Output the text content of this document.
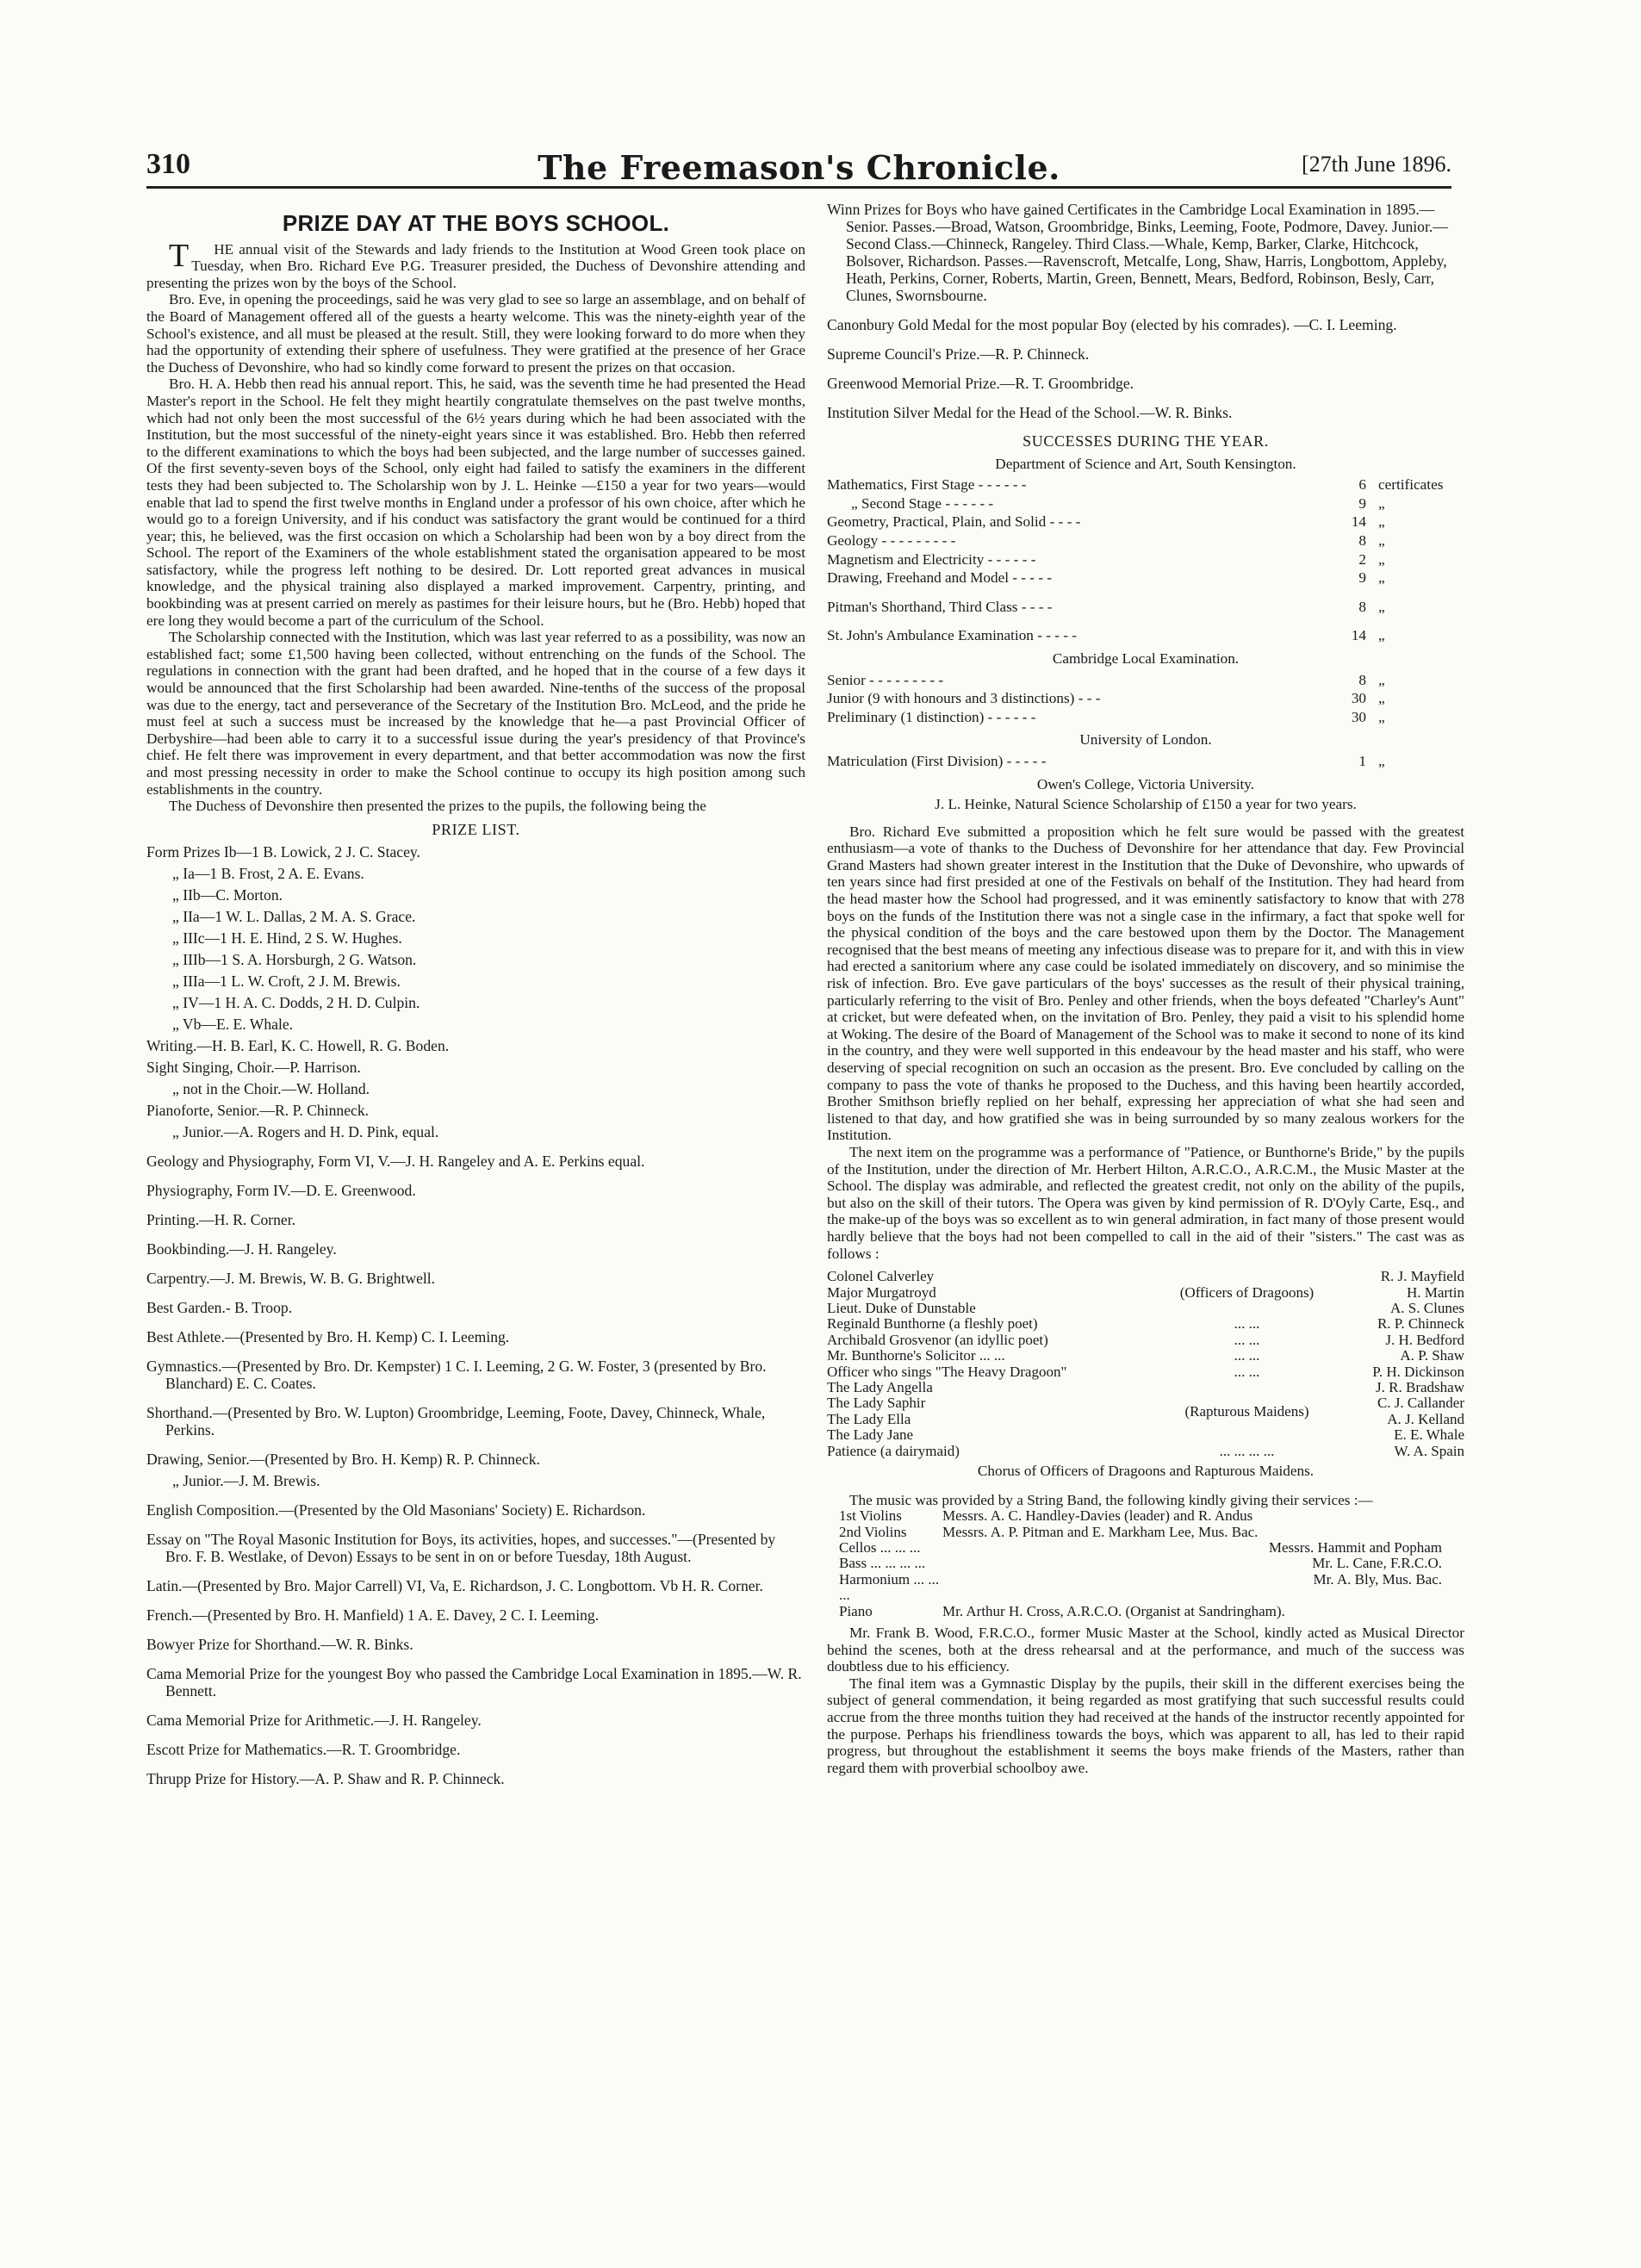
310	The Freemason's Chronicle.	[27th June 1896.
PRIZE DAY AT THE BOYS SCHOOL.

THE annual visit of the Stewards and lady friends to the Institution at Wood Green took place on Tuesday, when Bro. Richard Eve P.G. Treasurer presided, the Duchess of Devonshire attending and presenting the prizes won by the boys of the School.

Bro. Eve, in opening the proceedings, said he was very glad to see so large an assemblage, and on behalf of the Board of Management offered all of the guests a hearty welcome. This was the ninety-eighth year of the School's existence, and all must be pleased at the result. Still, they were looking forward to do more when they had the opportunity of extending their sphere of usefulness. They were gratified at the presence of her Grace the Duchess of Devonshire, who had so kindly come forward to present the prizes on that occasion.

Bro. H. A. Hebb then read his annual report. This, he said, was the seventh time he had presented the Head Master's report in the School. He felt they might heartily congratulate themselves on the past twelve months, which had not only been the most successful of the 6½ years during which he had been associated with the Institution, but the most successful of the ninety-eight years since it was established. Bro. Hebb then referred to the different examinations to which the boys had been subjected, and the large number of successes gained. Of the first seventy-seven boys of the School, only eight had failed to satisfy the examiners in the different tests they had been subjected to. The Scholarship won by J. L. Heinke —£150 a year for two years—would enable that lad to spend the first twelve months in England under a professor of his own choice, after which he would go to a foreign University, and if his conduct was satisfactory the grant would be continued for a third year; this, he believed, was the first occasion on which a Scholarship had been won by a boy direct from the School. The report of the Examiners of the whole establishment stated the organisation appeared to be most satisfactory, while the progress left nothing to be desired. Dr. Lott reported great advances in musical knowledge, and the physical training also displayed a marked improvement. Carpentry, printing, and bookbinding was at present carried on merely as pastimes for their leisure hours, but he (Bro. Hebb) hoped that ere long they would become a part of the curriculum of the School.

The Scholarship connected with the Institution, which was last year referred to as a possibility, was now an established fact; some £1,500 having been collected, without entrenching on the funds of the School. The regulations in connection with the grant had been drafted, and he hoped that in the course of a few days it would be announced that the first Scholarship had been awarded. Nine-tenths of the success of the proposal was due to the energy, tact and perseverance of the Secretary of the Institution Bro. McLeod, and the pride he must feel at such a success must be increased by the knowledge that he—a past Provincial Officer of Derbyshire—had been able to carry it to a successful issue during the year's presidency of that Province's chief. He felt there was improvement in every department, and that better accommodation was now the first and most pressing necessity in order to make the School continue to occupy its high position among such establishments in the country.

The Duchess of Devonshire then presented the prizes to the pupils, the following being the

PRIZE LIST.
Form Prizes Ib—1 B. Lowick, 2 J. C. Stacey.
„ Ia—1 B. Frost, 2 A. E. Evans.
„ IIb—C. Morton.
„ IIa—1 W. L. Dallas, 2 M. A. S. Grace.
„ IIIc—1 H. E. Hind, 2 S. W. Hughes.
„ IIIb—1 S. A. Horsburgh, 2 G. Watson.
„ IIIa—1 L. W. Croft, 2 J. M. Brewis.
„ IV—1 H. A. C. Dodds, 2 H. D. Culpin.
„ Vb—E. E. Whale.
Writing.—H. B. Earl, K. C. Howell, R. G. Boden.
Sight Singing, Choir.—P. Harrison.
„ not in the Choir.—W. Holland.
Pianoforte, Senior.—R. P. Chinneck.
„ Junior.—A. Rogers and H. D. Pink, equal.
Geology and Physiography, Form VI, V.—J. H. Rangeley and A. E. Perkins equal.
Physiography, Form IV.—D. E. Greenwood.
Printing.—H. R. Corner.
Bookbinding.—J. H. Rangeley.
Carpentry.—J. M. Brewis, W. B. G. Brightwell.
Best Garden.- B. Troop.
Best Athlete.—(Presented by Bro. H. Kemp) C. I. Leeming.
Gymnastics.—(Presented by Bro. Dr. Kempster) 1 C. I. Leeming, 2 G. W. Foster, 3 (presented by Bro. Blanchard) E. C. Coates.
Shorthand.—(Presented by Bro. W. Lupton) Groombridge, Leeming, Foote, Davey, Chinneck, Whale, Perkins.
Drawing, Senior.—(Presented by Bro. H. Kemp) R. P. Chinneck.
„ Junior.—J. M. Brewis.
English Composition.—(Presented by the Old Masonians' Society) E. Richardson.
Essay on "The Royal Masonic Institution for Boys, its activities, hopes, and successes."—(Presented by Bro. F. B. Westlake, of Devon) Essays to be sent in on or before Tuesday, 18th August.
Latin.—(Presented by Bro. Major Carrell) VI, Va, E. Richardson, J. C. Longbottom. Vb H. R. Corner.
French.—(Presented by Bro. H. Manfield) 1 A. E. Davey, 2 C. I. Leeming.
Bowyer Prize for Shorthand.—W. R. Binks.
Cama Memorial Prize for the youngest Boy who passed the Cambridge Local Examination in 1895.—W. R. Bennett.
Cama Memorial Prize for Arithmetic.—J. H. Rangeley.
Escott Prize for Mathematics.—R. T. Groombridge.
Thrupp Prize for History.—A. P. Shaw and R. P. Chinneck.
Winn Prizes for Boys who have gained Certificates in the Cambridge Local Examination in 1895.—Senior. Passes.—Broad, Watson, Groombridge, Binks, Leeming, Foote, Podmore, Davey. Junior.—Second Class.—Chinneck, Rangeley. Third Class.—Whale, Kemp, Barker, Clarke, Hitchcock, Bolsover, Richardson. Passes.—Ravenscroft, Metcalfe, Long, Shaw, Harris, Longbottom, Appleby, Heath, Perkins, Corner, Roberts, Martin, Green, Bennett, Mears, Bedford, Robinson, Besly, Carr, Clunes, Swornsbourne.
Canonbury Gold Medal for the most popular Boy (elected by his comrades). —C. I. Leeming.
Supreme Council's Prize.—R. P. Chinneck.
Greenwood Memorial Prize.—R. T. Groombridge.
Institution Silver Medal for the Head of the School.—W. R. Binks.
SUCCESSES DURING THE YEAR.
Department of Science and Art, South Kensington.
Mathematics, First Stage - - - - - -	6	certificates
„ Second Stage - - - - - -	9	„
Geometry, Practical, Plain, and Solid - - - -	14	„
Geology - - - - - - - - -	8	„
Magnetism and Electricity - - - - - -	2	„
Drawing, Freehand and Model - - - - -	9	„

Pitman's Shorthand, Third Class - - - -	8	„

St. John's Ambulance Examination - - - - -	14	„
Cambridge Local Examination.
Senior - - - - - - - - -	8	„
Junior (9 with honours and 3 distinctions) - - -	30	„
Preliminary (1 distinction) - - - - - -	30	„
University of London.
Matriculation (First Division) - - - - -	1	„
Owen's College, Victoria University.

J. L. Heinke, Natural Science Scholarship of £150 a year for two years.

Bro. Richard Eve submitted a proposition which he felt sure would be passed with the greatest enthusiasm—a vote of thanks to the Duchess of Devonshire for her attendance that day. Few Provincial Grand Masters had shown greater interest in the Institution that the Duke of Devonshire, who upwards of ten years since had first presided at one of the Festivals on behalf of the Institution. They had heard from the head master how the School had progressed, and it was eminently satisfactory to know that with 278 boys on the funds of the Institution there was not a single case in the infirmary, a fact that spoke well for the physical condition of the boys and the care bestowed upon them by the Doctor. The Management recognised that the best means of meeting any infectious disease was to prepare for it, and with this in view had erected a sanitorium where any case could be isolated immediately on discovery, and so minimise the risk of infection. Bro. Eve gave particulars of the boys' successes as the result of their physical training, particularly referring to the visit of Bro. Penley and other friends, when the boys defeated "Charley's Aunt" at cricket, but were defeated when, on the invitation of Bro. Penley, they paid a visit to his splendid home at Woking. The desire of the Board of Management of the School was to make it second to none of its kind in the country, and they were well supported in this endeavour by the head master and his staff, who were deserving of special recognition on such an occasion as the present. Bro. Eve concluded by calling on the company to pass the vote of thanks he proposed to the Duchess, and this having been heartily accorded, Brother Smithson briefly replied on her behalf, expressing her appreciation of what she had seen and listened to that day, and how gratified she was in being surrounded by so many zealous workers for the Institution.

The next item on the programme was a performance of "Patience, or Bunthorne's Bride," by the pupils of the Institution, under the direction of Mr. Herbert Hilton, A.R.C.O., A.R.C.M., the Music Master at the School. The display was admirable, and reflected the greatest credit, not only on the ability of the pupils, but also on the skill of their tutors. The Opera was given by kind permission of R. D'Oyly Carte, Esq., and the make-up of the boys was so excellent as to win general admiration, in fact many of those present would hardly believe that the boys had not been compelled to call in the aid of their "sisters." The cast was as follows :

Colonel Calverley	(Officers of Dragoons)	R. J. Mayfield
Major Murgatroyd		H. Martin
Lieut. Duke of Dunstable		A. S. Clunes
Reginald Bunthorne (a fleshly poet)	... ...	R. P. Chinneck
Archibald Grosvenor (an idyllic poet)	... ...	J. H. Bedford
Mr. Bunthorne's Solicitor ... ...	... ...	A. P. Shaw
Officer who sings "The Heavy Dragoon"	... ...	P. H. Dickinson
The Lady Angella	(Rapturous Maidens)	J. R. Bradshaw
The Lady Saphir		C. J. Callander
The Lady Ella		A. J. Kelland
The Lady Jane		E. E. Whale
Patience (a dairymaid)	... ... ... ...	W. A. Spain

Chorus of Officers of Dragoons and Rapturous Maidens.

The music was provided by a String Band, the following kindly giving their services :—

1st Violins	Messrs. A. C. Handley-Davies (leader) and R. Andus
2nd Violins	Messrs. A. P. Pitman and E. Markham Lee, Mus. Bac.
Cellos ... ... ...	Messrs. Hammit and Popham
Bass ... ... ... ...	Mr. L. Cane, F.R.C.O.
Harmonium ... ... ...	Mr. A. Bly, Mus. Bac.
Piano	Mr. Arthur H. Cross, A.R.C.O. (Organist at Sandringham).

Mr. Frank B. Wood, F.R.C.O., former Music Master at the School, kindly acted as Musical Director behind the scenes, both at the dress rehearsal and at the performance, and much of the success was doubtless due to his efficiency.

The final item was a Gymnastic Display by the pupils, their skill in the different exercises being the subject of general commendation, it being regarded as most gratifying that such successful results could accrue from the three months tuition they had received at the hands of the instructor recently appointed for the purpose. Perhaps his friendliness towards the boys, which was apparent to all, has led to their rapid progress, but throughout the establishment it seems the boys make friends of the Masters, rather than regard them with proverbial schoolboy awe.
